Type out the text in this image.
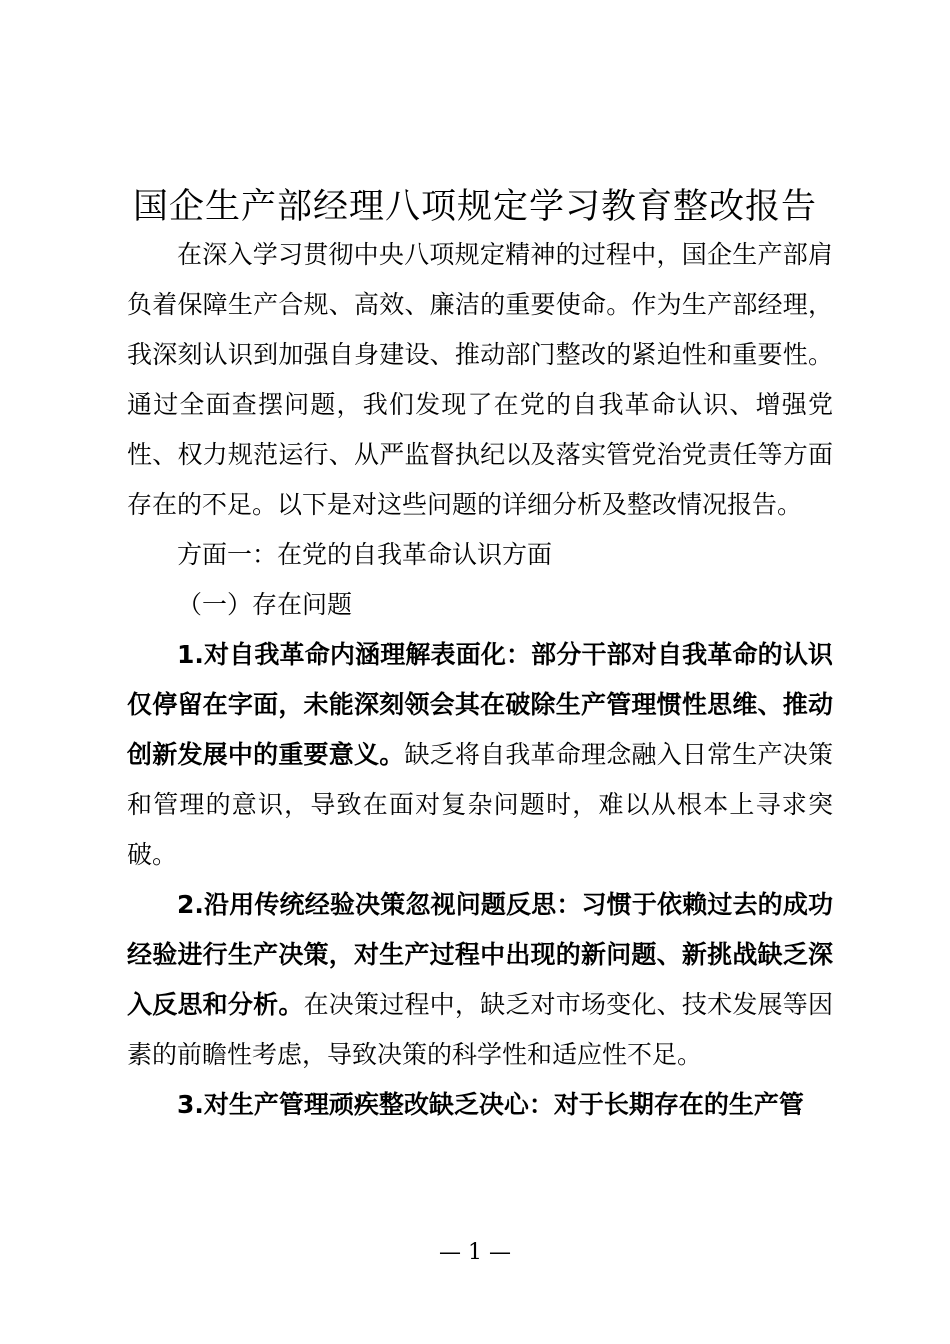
国企生产部经理八项规定学习教育整改报告

在深入学习贯彻中央八项规定精神的过程中，国企生产部肩负着保障生产合规、高效、廉洁的重要使命。作为生产部经理，我深刻认识到加强自身建设、推动部门整改的紧迫性和重要性。通过全面查摆问题，我们发现了在党的自我革命认识、增强党性、权力规范运行、从严监督执纪以及落实管党治党责任等方面存在的不足。以下是对这些问题的详细分析及整改情况报告。

方面一：在党的自我革命认识方面

（一）存在问题

1.对自我革命内涵理解表面化：部分干部对自我革命的认识仅停留在字面，未能深刻领会其在破除生产管理惯性思维、推动创新发展中的重要意义。缺乏将自我革命理念融入日常生产决策和管理的意识，导致在面对复杂问题时，难以从根本上寻求突破。

2.沿用传统经验决策忽视问题反思：习惯于依赖过去的成功经验进行生产决策，对生产过程中出现的新问题、新挑战缺乏深入反思和分析。在决策过程中，缺乏对市场变化、技术发展等因素的前瞻性考虑，导致决策的科学性和适应性不足。

3.对生产管理顽疾整改缺乏决心：对于长期存在的生产管

— 1 —
